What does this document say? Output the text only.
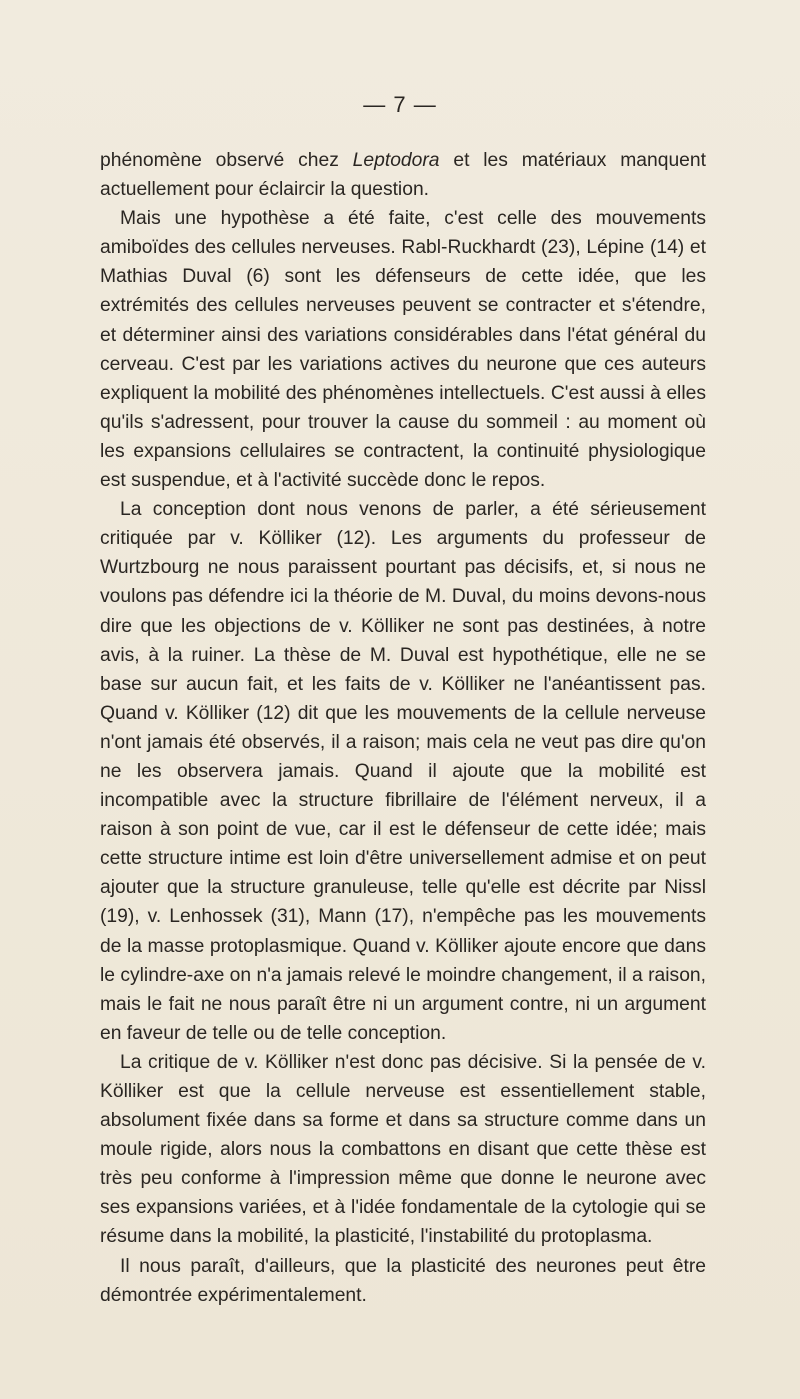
— 7 —

phénomène observé chez Leptodora et les matériaux manquent actuellement pour éclaircir la question.

Mais une hypothèse a été faite, c'est celle des mouvements amiboïdes des cellules nerveuses. Rabl-Ruckhardt (23), Lépine (14) et Mathias Duval (6) sont les défenseurs de cette idée, que les extrémités des cellules nerveuses peuvent se contracter et s'étendre, et déterminer ainsi des variations considérables dans l'état général du cerveau. C'est par les variations actives du neurone que ces auteurs expliquent la mobilité des phénomènes intellectuels. C'est aussi à elles qu'ils s'adressent, pour trouver la cause du sommeil : au moment où les expansions cellulaires se contractent, la continuité physiologique est suspendue, et à l'activité succède donc le repos.

La conception dont nous venons de parler, a été sérieusement critiquée par v. Kölliker (12). Les arguments du professeur de Wurtzbourg ne nous paraissent pourtant pas décisifs, et, si nous ne voulons pas défendre ici la théorie de M. Duval, du moins devons-nous dire que les objections de v. Kölliker ne sont pas destinées, à notre avis, à la ruiner. La thèse de M. Duval est hypothétique, elle ne se base sur aucun fait, et les faits de v. Kölliker ne l'anéantissent pas. Quand v. Kölliker (12) dit que les mouvements de la cellule nerveuse n'ont jamais été observés, il a raison; mais cela ne veut pas dire qu'on ne les observera jamais. Quand il ajoute que la mobilité est incompatible avec la structure fibrillaire de l'élément nerveux, il a raison à son point de vue, car il est le défenseur de cette idée; mais cette structure intime est loin d'être universellement admise et on peut ajouter que la structure granuleuse, telle qu'elle est décrite par Nissl (19), v. Lenhossek (31), Mann (17), n'empêche pas les mouvements de la masse protoplasmique. Quand v. Kölliker ajoute encore que dans le cylindre-axe on n'a jamais relevé le moindre changement, il a raison, mais le fait ne nous paraît être ni un argument contre, ni un argument en faveur de telle ou de telle conception.

La critique de v. Kölliker n'est donc pas décisive. Si la pensée de v. Kölliker est que la cellule nerveuse est essentiellement stable, absolument fixée dans sa forme et dans sa structure comme dans un moule rigide, alors nous la combattons en disant que cette thèse est très peu conforme à l'impression même que donne le neurone avec ses expansions variées, et à l'idée fondamentale de la cytologie qui se résume dans la mobilité, la plasticité, l'instabilité du protoplasma.

Il nous paraît, d'ailleurs, que la plasticité des neurones peut être démontrée expérimentalement.
